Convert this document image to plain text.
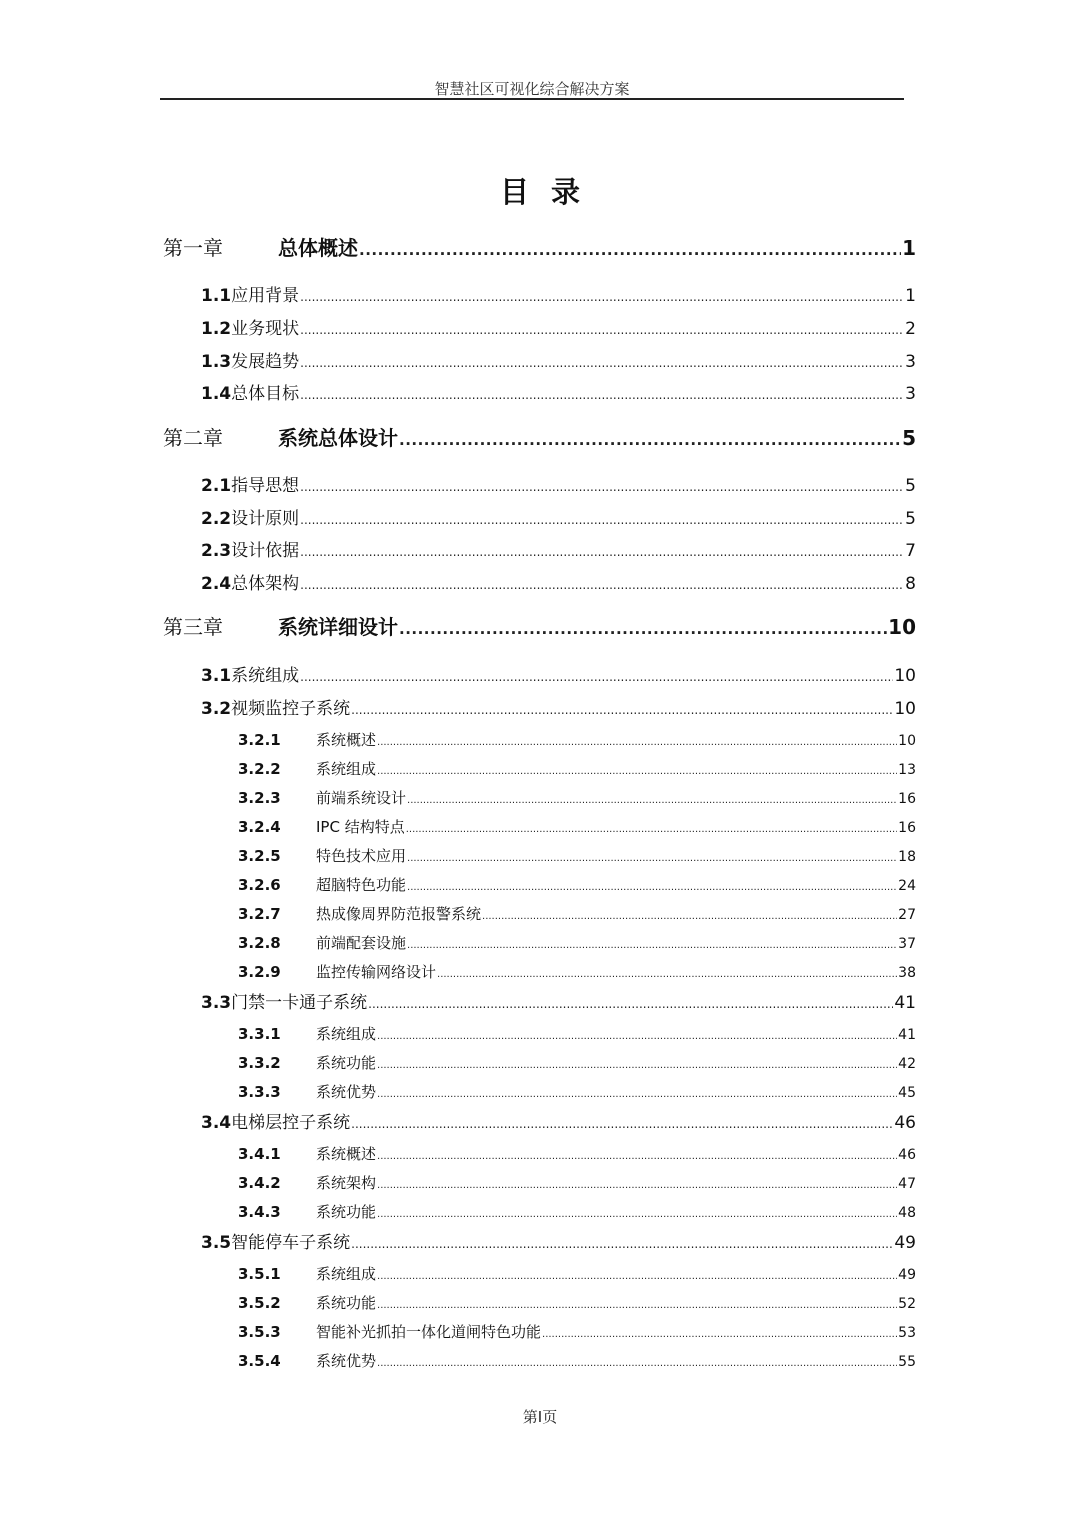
智慧社区可视化综合解决方案
目录
第一章	总体概述 .....	1
1.1 应用背景 .....	1
1.2 业务现状 .....	2
1.3 发展趋势 .....	3
1.4 总体目标 .....	3
第二章	系统总体设计 .....	5
2.1 指导思想 .....	5
2.2 设计原则 .....	5
2.3 设计依据 .....	7
2.4 总体架构 .....	8
第三章	系统详细设计 .....	10
3.1 系统组成 .....	10
3.2 视频监控子系统 .....	10
3.2.1	系统概述 .....	10
3.2.2	系统组成 .....	13
3.2.3	前端系统设计 .....	16
3.2.4	IPC 结构特点 .....	16
3.2.5	特色技术应用 .....	18
3.2.6	超脑特色功能 .....	24
3.2.7	热成像周界防范报警系统 .....	27
3.2.8	前端配套设施 .....	37
3.2.9	监控传输网络设计 .....	38
3.3 门禁一卡通子系统 .....	41
3.3.1	系统组成 .....	41
3.3.2	系统功能 .....	42
3.3.3	系统优势 .....	45
3.4 电梯层控子系统 .....	46
3.4.1	系统概述 .....	46
3.4.2	系统架构 .....	47
3.4.3	系统功能 .....	48
3.5 智能停车子系统 .....	49
3.5.1	系统组成 .....	49
3.5.2	系统功能 .....	52
3.5.3	智能补光抓拍一体化道闸特色功能 .....	53
3.5.4	系统优势 .....	55
第I页
